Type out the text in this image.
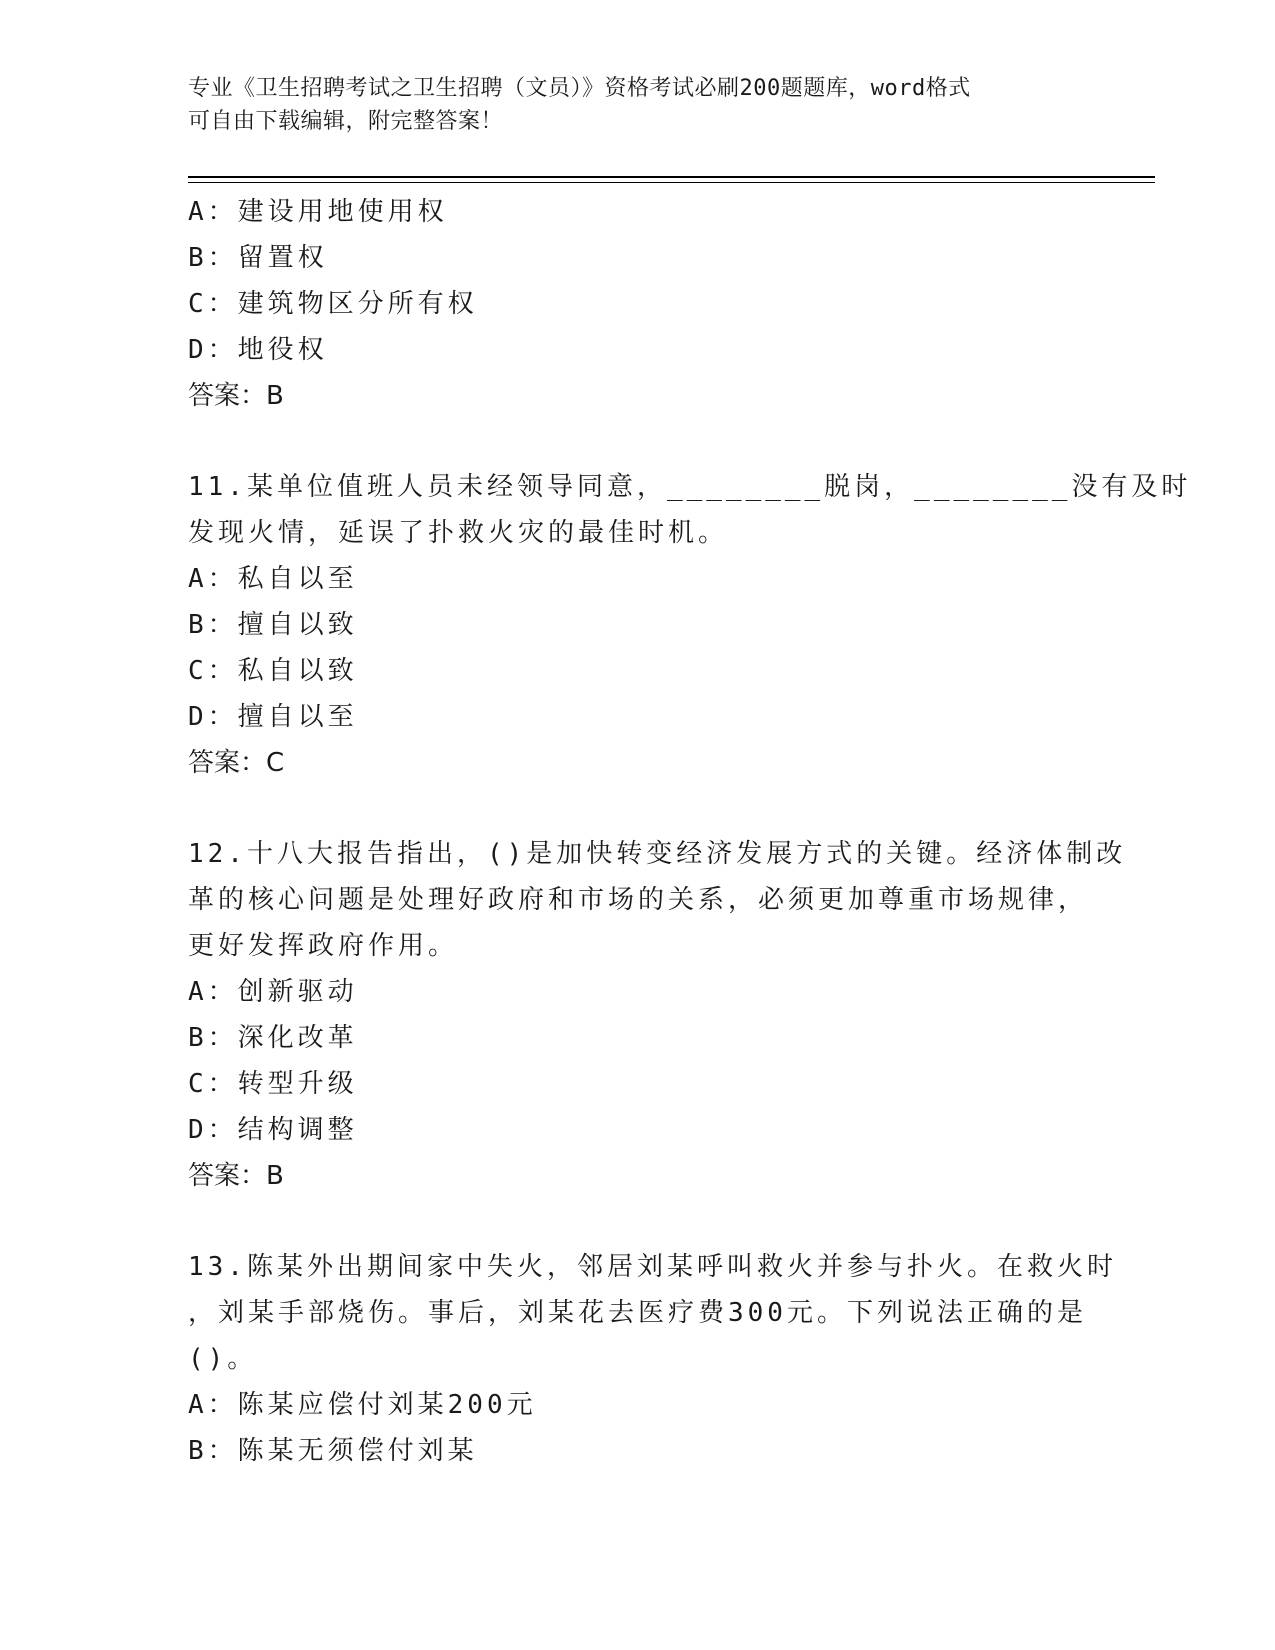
专业《卫生招聘考试之卫生招聘（文员）》资格考试必刷200题题库，word格式
可自由下载编辑，附完整答案！
A：建设用地使用权
B：留置权
C：建筑物区分所有权
D：地役权
答案：B
11.某单位值班人员未经领导同意，________脱岗，________没有及时
发现火情，延误了扑救火灾的最佳时机。
A：私自以至
B：擅自以致
C：私自以致
D：擅自以至
答案：C
12.十八大报告指出，()是加快转变经济发展方式的关键。经济体制改
革的核心问题是处理好政府和市场的关系，必须更加尊重市场规律，
更好发挥政府作用。
A：创新驱动
B：深化改革
C：转型升级
D：结构调整
答案：B
13.陈某外出期间家中失火，邻居刘某呼叫救火并参与扑火。在救火时
，刘某手部烧伤。事后，刘某花去医疗费300元。下列说法正确的是
()。
A：陈某应偿付刘某200元
B：陈某无须偿付刘某
